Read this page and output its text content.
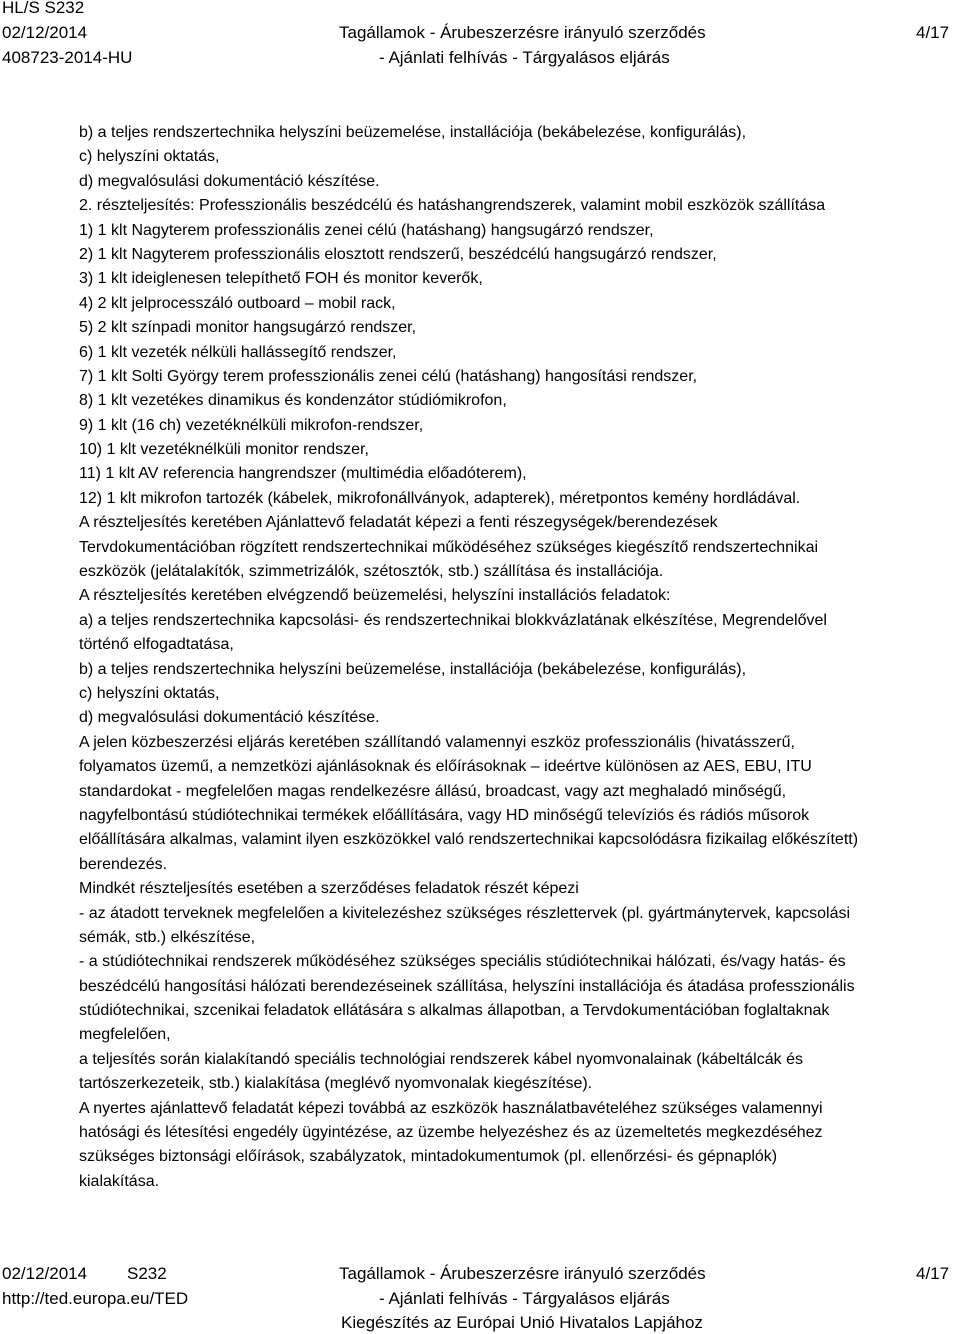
HL/S S232
02/12/2014
408723-2014-HU
Tagállamok - Árubeszerzésre irányuló szerződés
- Ajánlati felhívás - Tárgyalásos eljárás
4/17
b) a teljes rendszertechnika helyszíni beüzemelése, installációja (bekábelezése, konfigurálás),
c) helyszíni oktatás,
d) megvalósulási dokumentáció készítése.
2. részteljesítés: Professzionális beszédcélú és hatáshangrendszerek, valamint mobil eszközök szállítása
1) 1 klt Nagyterem professzionális zenei célú (hatáshang) hangsugárzó rendszer,
2) 1 klt Nagyterem professzionális elosztott rendszerű, beszédcélú hangsugárzó rendszer,
3) 1 klt ideiglenesen telepíthető FOH és monitor keverők,
4) 2 klt jelprocesszáló outboard – mobil rack,
5) 2 klt színpadi monitor hangsugárzó rendszer,
6) 1 klt vezeték nélküli hallássegítő rendszer,
7) 1 klt Solti György terem professzionális zenei célú (hatáshang) hangosítási rendszer,
8) 1 klt vezetékes dinamikus és kondenzátor stúdiómikrofon,
9) 1 klt (16 ch) vezetéknélküli mikrofon-rendszer,
10) 1 klt vezetéknélküli monitor rendszer,
11) 1 klt AV referencia hangrendszer (multimédia előadóterem),
12) 1 klt mikrofon tartozék (kábelek, mikrofonállványok, adapterek), méretpontos kemény hordládával.
A részteljesítés keretében Ajánlattevő feladatát képezi a fenti részegységek/berendezések
Tervdokumentációban rögzített rendszertechnikai működéséhez szükséges kiegészítő rendszertechnikai
eszközök (jelátalakítók, szimmetrizálók, szétosztók, stb.) szállítása és installációja.
A részteljesítés keretében elvégzendő beüzemelési, helyszíni installációs feladatok:
a) a teljes rendszertechnika kapcsolási- és rendszertechnikai blokkvázlatának elkészítése, Megrendelővel
történő elfogadtatása,
b) a teljes rendszertechnika helyszíni beüzemelése, installációja (bekábelezése, konfigurálás),
c) helyszíni oktatás,
d) megvalósulási dokumentáció készítése.
A jelen közbeszerzési eljárás keretében szállítandó valamennyi eszköz professzionális (hivatásszerű,
folyamatos üzemű, a nemzetközi ajánlásoknak és előírásoknak – ideértve különösen az AES, EBU, ITU
standardokat - megfelelően magas rendelkezésre állású, broadcast, vagy azt meghaladó minőségű,
nagyfelbontású stúdiótechnikai termékek előállítására, vagy HD minőségű televíziós és rádiós műsorok
előállítására alkalmas, valamint ilyen eszközökkel való rendszertechnikai kapcsolódásra fizikailag előkészített)
berendezés.
Mindkét részteljesítés esetében a szerződéses feladatok részét képezi
- az átadott terveknek megfelelően a kivitelezéshez szükséges részlettervek (pl. gyártmánytervek, kapcsolási
sémák, stb.) elkészítése,
- a stúdiótechnikai rendszerek működéséhez szükséges speciális stúdiótechnikai hálózati, és/vagy hatás- és
beszédcélú hangosítási hálózati berendezéseinek szállítása, helyszíni installációja és átadása professzionális
stúdiótechnikai, szcenikai feladatok ellátására s alkalmas állapotban, a Tervdokumentációban foglaltaknak
megfelelően,
a teljesítés során kialakítandó speciális technológiai rendszerek kábel nyomvonalainak (kábeltálcák és
tartószerkezeteik, stb.) kialakítása (meglévő nyomvonalak kiegészítése).
A nyertes ajánlattevő feladatát képezi továbbá az eszközök használatbavételéhez szükséges valamennyi
hatósági és létesítési engedély ügyintézése, az üzembe helyezéshez és az üzemeltetés megkezdéséhez
szükséges biztonsági előírások, szabályzatok, mintadokumentumok (pl. ellenőrzési- és gépnaplók)
kialakítása.
02/12/2014 S232
http://ted.europa.eu/TED
Tagállamok - Árubeszerzésre irányuló szerződés
- Ajánlati felhívás - Tárgyalásos eljárás
Kiegészítés az Európai Unió Hivatalos Lapjához
4/17
